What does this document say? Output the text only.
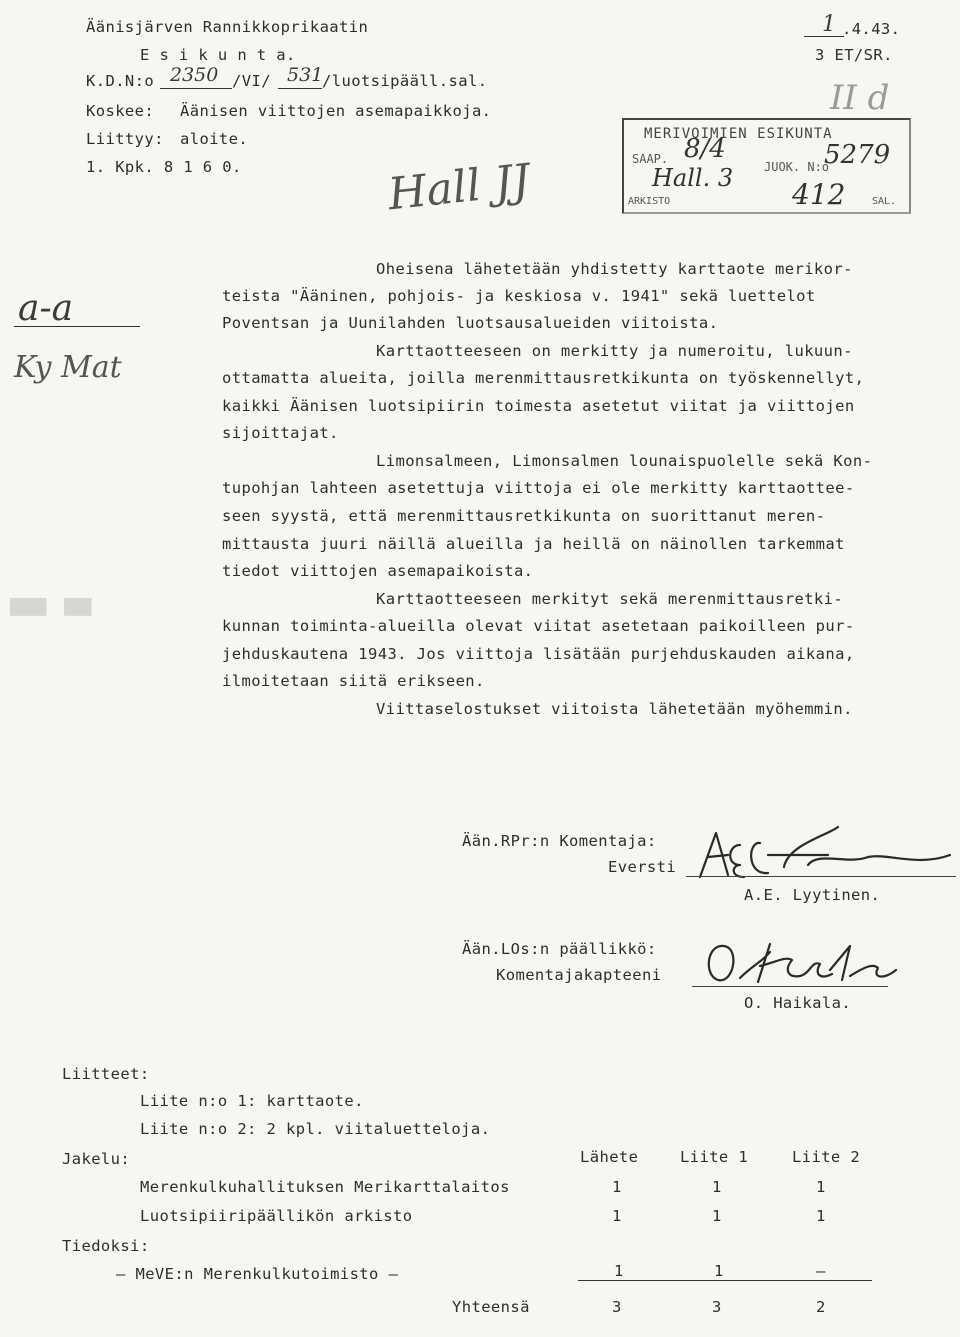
████  ███
Äänisjärven Rannikkoprikaatin
E s i k u n t a.
K.D.N:o 2350 /VI/ 531
/luotsipääll.sal.
Koskee: Äänisen viittojen asemapaikkoja.
Liittyy: aloite.
1. Kpk. 8 1 6 0.
1 .4.43.
3 ET/SR.
II d
MERIVOIMIEN ESIKUNTA
SAAP.
JUOK. N:o
ARKISTO	SAL.
8/4	5279
Hall. 3 412
Hall JJ
a-a
Ky Mat
Oheisena lähetetään yhdistetty karttaote merikor-
teista "Ääninen, pohjois- ja keskiosa v. 1941" sekä luettelot
Poventsan ja Uunilahden luotsausalueiden viitoista.
Karttaotteeseen on merkitty ja numeroitu, lukuun-
ottamatta alueita, joilla merenmittausretkikunta on työskennellyt,
kaikki Äänisen luotsipiirin toimesta asetetut viitat ja viittojen
sijoittajat.
Limonsalmeen, Limonsalmen lounaispuolelle sekä Kon-
tupohjan lahteen asetettuja viittoja ei ole merkitty karttaottee-
seen syystä, että merenmittausretkikunta on suorittanut meren-
mittausta juuri näillä alueilla ja heillä on näinollen tarkemmat
tiedot viittojen asemapaikoista.
Karttaotteeseen merkityt sekä merenmittausretki-
kunnan toiminta-alueilla olevat viitat asetetaan paikoilleen pur-
jehduskautena 1943. Jos viittoja lisätään purjehduskauden aikana,
ilmoitetaan siitä erikseen.
Viittaselostukset viitoista lähetetään myöhemmin.
Ään.RPr:n Komentaja:
Eversti
A.E. Lyytinen.
Ään.LOs:n päällikkö:
Komentajakapteeni
O. Haikala.
Liitteet:
Liite n:o 1: karttaote.
Liite n:o 2: 2 kpl. viitaluetteloja.
Jakelu:	Lähete	Liite 1	Liite 2
Merenkulkuhallituksen Merikarttalaitos	1	1	1
Luotsipiiripäällikön arkisto	1	1	1
Tiedoksi:
– MeVE:n Merenkulkutoimisto –	1	1	–
Yhteensä	3	3	2
